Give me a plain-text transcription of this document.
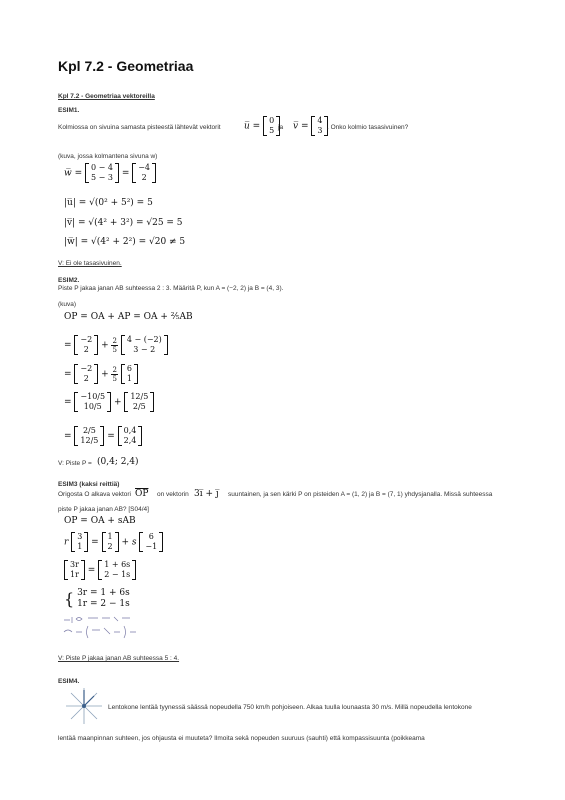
Kpl 7.2 - Geometriaa
Kpl 7.2 - Geometriaa vektoreilla
ESIM1.
Kolmiossa on sivuina samasta pisteestä lähtevät vektorit	u̅ =
0
5 ja v̅ =
4
3 . Onko kolmio tasasivuinen?
(kuva, jossa kolmantena sivuna w)
w̅ =
0 − 4
5 − 3 =
−4
2
|u̅| = √(0² + 5²) = 5
|v̅| = √(4² + 3²) = √25 = 5
|w̅| = √(4² + 2²) = √20 ≠ 5
V: Ei ole tasasivuinen.
ESIM2.
Piste P jakaa janan AB suhteessa 2 : 3. Määritä P, kun A = (−2, 2) ja B = (4, 3).
(kuva)
OP = OA + AP = OA + ⅖AB
=
−2
2	+ $\frac{2}{5}$
4 − (−2)
3 − 2
=
−2
2	+ $\frac{2}{5}$
6
1
=
−10/5
10/5	+
12/5
2/5
=
2/5
12/5 =
0,4
2,4
V: Piste P = (0,4; 2,4)
ESIM3 (kaksi reittiä)
Origosta O alkava vektori $\overline{OP}$ on vektorin 3i̅ + j̅ suuntainen, ja sen kärki P on pisteiden A = (1, 2) ja B = (7, 1) yhdysjanalla. Missä suhteessa
piste P jakaa janan AB? [S04/4]
OP = OA + sAB
r
3
1 =
1
2 + s
6
−1
3r
1r =
1 + 6s
2 − 1s
{ 3r = 1 + 6s
1r = 2 − 1s
V: Piste P jakaa janan AB suhteessa 5 : 4.
ESIM4.
Lentokone lentää tyynessä säässä nopeudella 750 km/h pohjoiseen. Alkaa tuulla lounaasta 30 m/s. Millä nopeudella lentokone
lentää maanpinnan suhteen, jos ohjausta ei muuteta? Ilmoita sekä nopeuden suuruus (sauhti) että kompassisuunta (poikkeama
